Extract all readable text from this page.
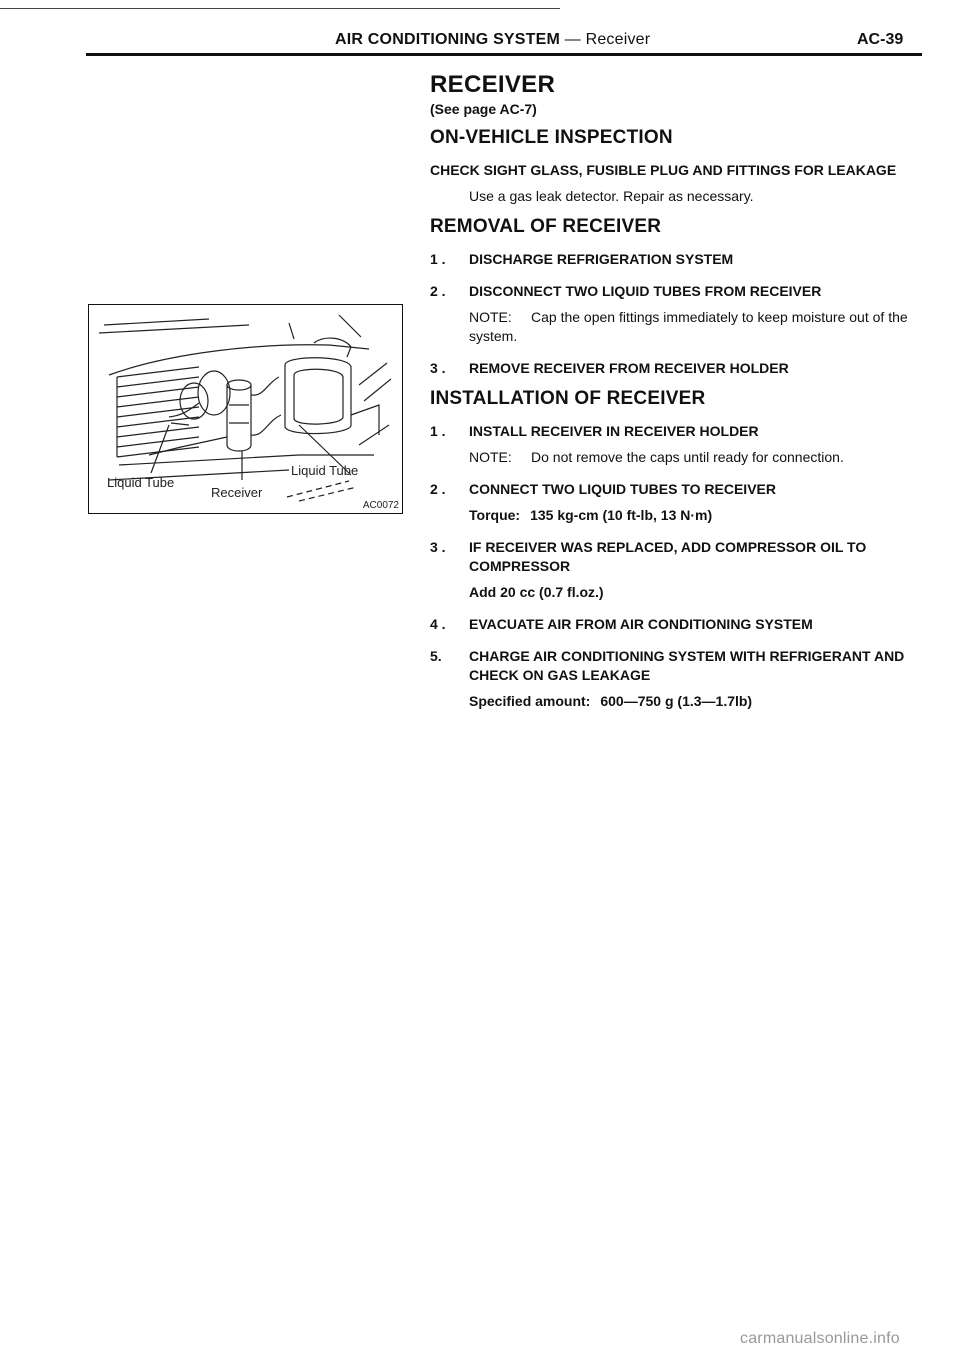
AIR CONDITIONING SYSTEM — Receiver	AC-39
Liquid Tube
Liquid Tube
Receiver
AC0072
RECEIVER
(See page AC-7)
ON-VEHICLE INSPECTION
CHECK SIGHT GLASS, FUSIBLE PLUG AND FITTINGS FOR LEAKAGE
Use a gas leak detector. Repair as necessary.
REMOVAL OF RECEIVER
1 .	DISCHARGE REFRIGERATION SYSTEM
2 .	DISCONNECT TWO LIQUID TUBES FROM RECEIVER
NOTE: Cap the open fittings immediately to keep moisture out of the system.
3 .	REMOVE RECEIVER FROM RECEIVER HOLDER
INSTALLATION OF RECEIVER
1 .	INSTALL RECEIVER IN RECEIVER HOLDER
NOTE: Do not remove the caps until ready for connection.
2 .	CONNECT TWO LIQUID TUBES TO RECEIVER
Torque: 135 kg-cm (10 ft-lb, 13 N·m)
3 .	IF RECEIVER WAS REPLACED, ADD COMPRESSOR OIL TO COMPRESSOR
Add 20 cc (0.7 fl.oz.)
4 .	EVACUATE AIR FROM AIR CONDITIONING SYSTEM
5.	CHARGE AIR CONDITIONING SYSTEM WITH REFRIGERANT AND CHECK ON GAS LEAKAGE
Specified amount: 600—750 g (1.3—1.7lb)
carmanualsonline.info
